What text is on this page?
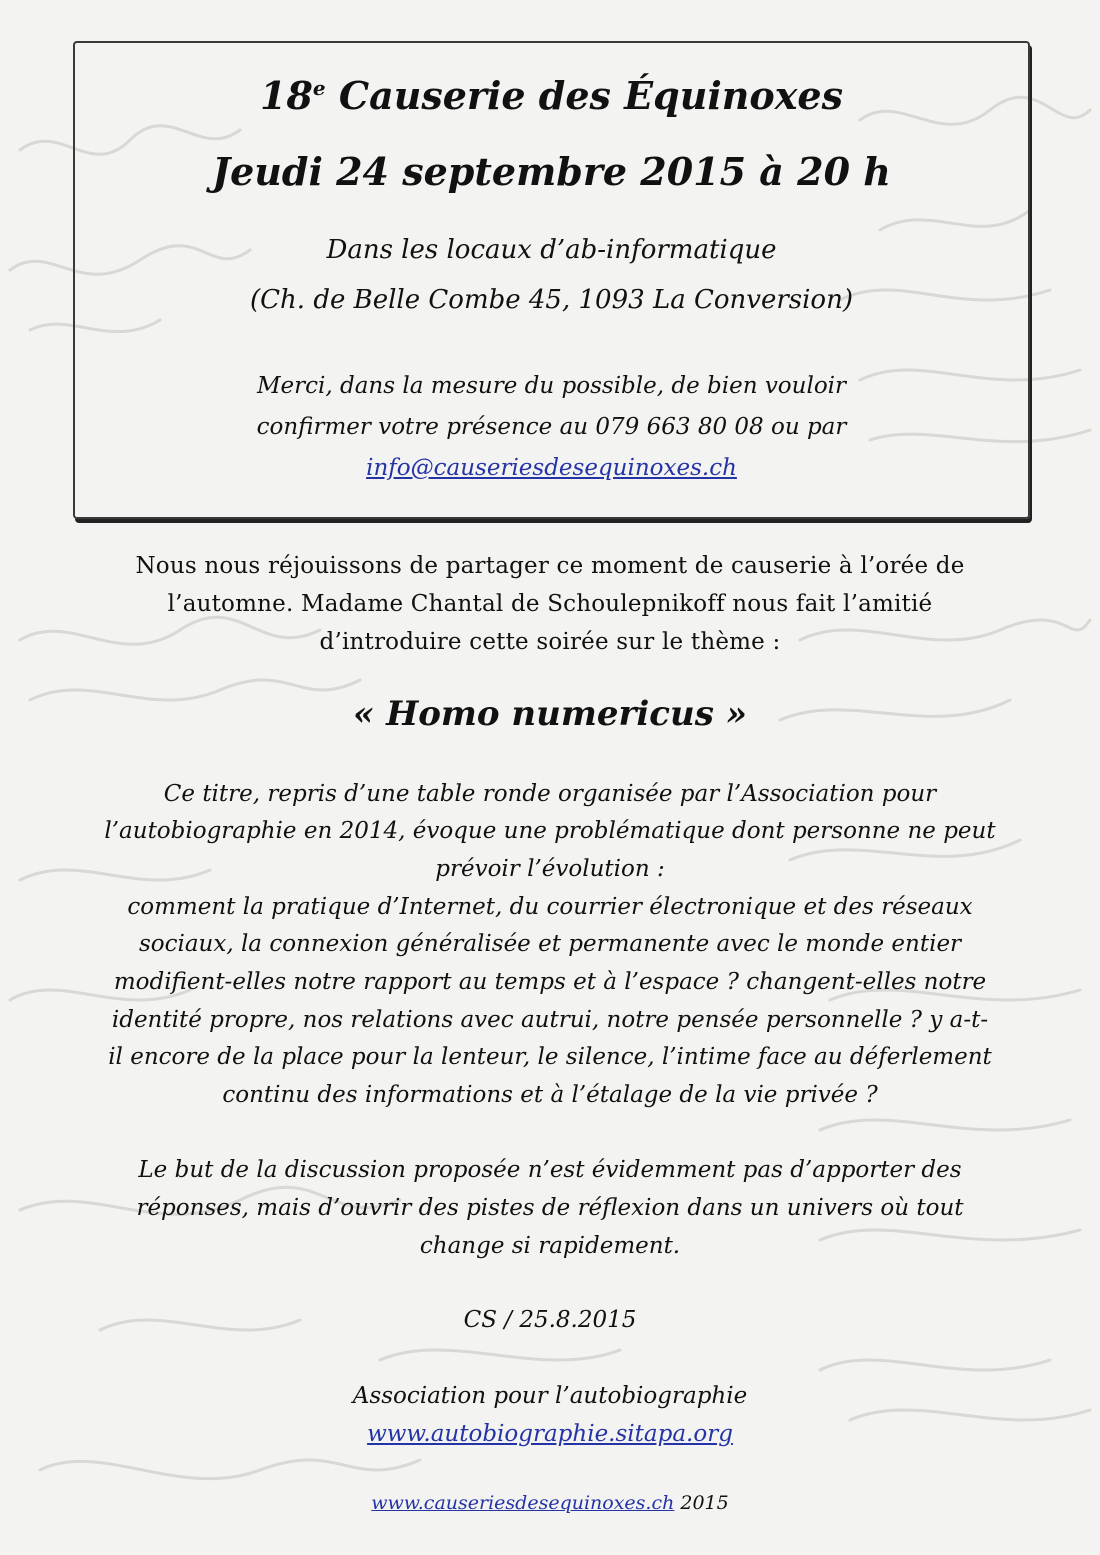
18e Causerie des Équinoxes
Jeudi 24 septembre 2015 à 20 h
Dans les locaux d’ab-informatique
(Ch. de Belle Combe 45, 1093 La Conversion)
Merci, dans la mesure du possible, de bien vouloir
confirmer votre présence au 079 663 80 08 ou par
info@causeriesdesequinoxes.ch
Nous nous réjouissons de partager ce moment de causerie à l’orée de
l’automne. Madame Chantal de Schoulepnikoff nous fait l’amitié
d’introduire cette soirée sur le thème :
« Homo numericus »
Ce titre, repris d’une table ronde organisée par l’Association pour
l’autobiographie en 2014, évoque une problématique dont personne ne peut
prévoir l’évolution :
comment la pratique d’Internet, du courrier électronique et des réseaux
sociaux, la connexion généralisée et permanente avec le monde entier
modifient-elles notre rapport au temps et à l’espace ? changent-elles notre
identité propre, nos relations avec autrui, notre pensée personnelle ? y a-t-
il encore de la place pour la lenteur, le silence, l’intime face au déferlement
continu des informations et à l’étalage de la vie privée ?
Le but de la discussion proposée n’est évidemment pas d’apporter des
réponses, mais d’ouvrir des pistes de réflexion dans un univers où tout
change si rapidement.
CS / 25.8.2015
Association pour l’autobiographie
www.autobiographie.sitapa.org
www.causeriesdesequinoxes.ch 2015
